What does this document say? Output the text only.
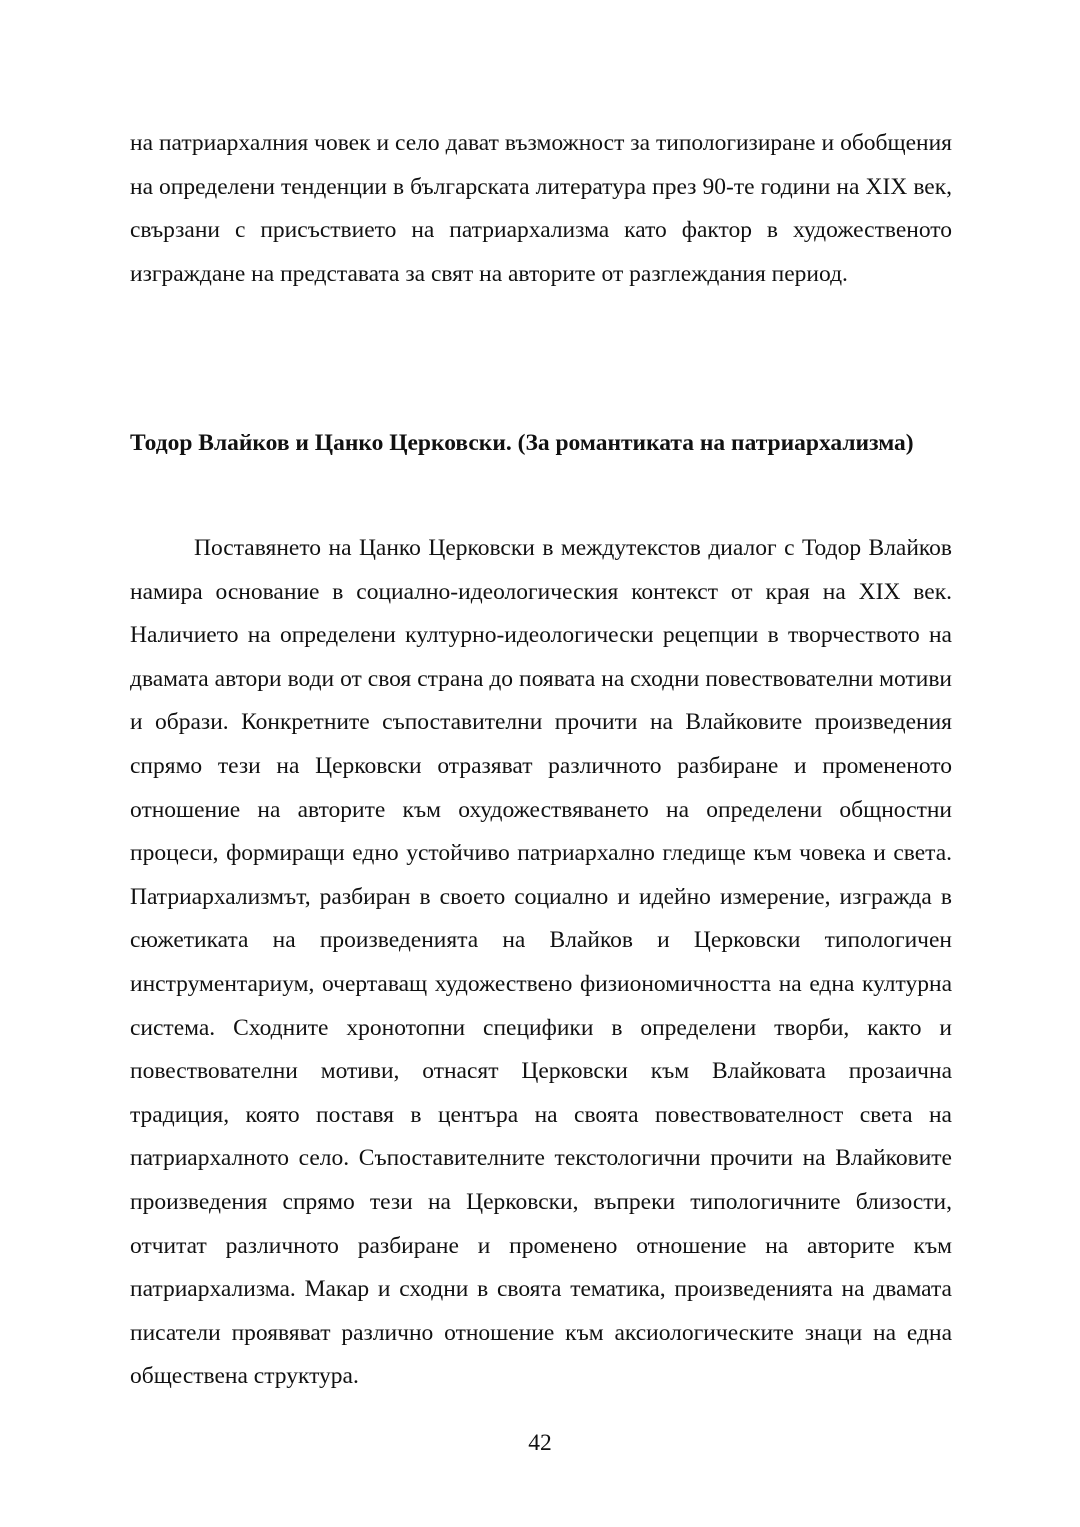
на патриархалния човек и село дават възможност за типологизиране и обобщения на определени тенденции в българската литература през 90-те години на XIX век, свързани с присъствието на патриархализма като фактор в художественото изграждане на представата за свят на авторите от разглеждания период.

Тодор Влайков и Цанко Церковски. (За романтиката на патриархализма)

Поставянето на Цанко Церковски в междутекстов диалог с Тодор Влайков намира основание в социално-идеологическия контекст от края на XIX век. Наличието на определени културно-идеологически рецепции в творчеството на двамата автори води от своя страна до появата на сходни повествователни мотиви и образи. Конкретните съпоставителни прочити на Влайковите произведения спрямо тези на Церковски отразяват различното разбиране и промененото отношение на авторите към охудожествяването на определени общностни процеси, формиращи едно устойчиво патриархално гледище към човека и света. Патриархализмът, разбиран в своето социално и идейно измерение, изгражда в сюжетиката на произведенията на Влайков и Церковски типологичен инструментариум, очертаващ художествено физиономичността на една културна система. Сходните хронотопни специфики в определени творби, както и повествователни мотиви, отнасят Церковски към Влайковата прозаична традиция, която поставя в центъра на своята повествователност света на патриархалното село. Съпоставителните текстологични прочити на Влайковите произведения спрямо тези на Церковски, въпреки типологичните близости, отчитат различното разбиране и променено отношение на авторите към патриархализма. Макар и сходни в своята тематика, произведенията на двамата писатели проявяват различно отношение към аксиологическите знаци на една обществена структура.

42
